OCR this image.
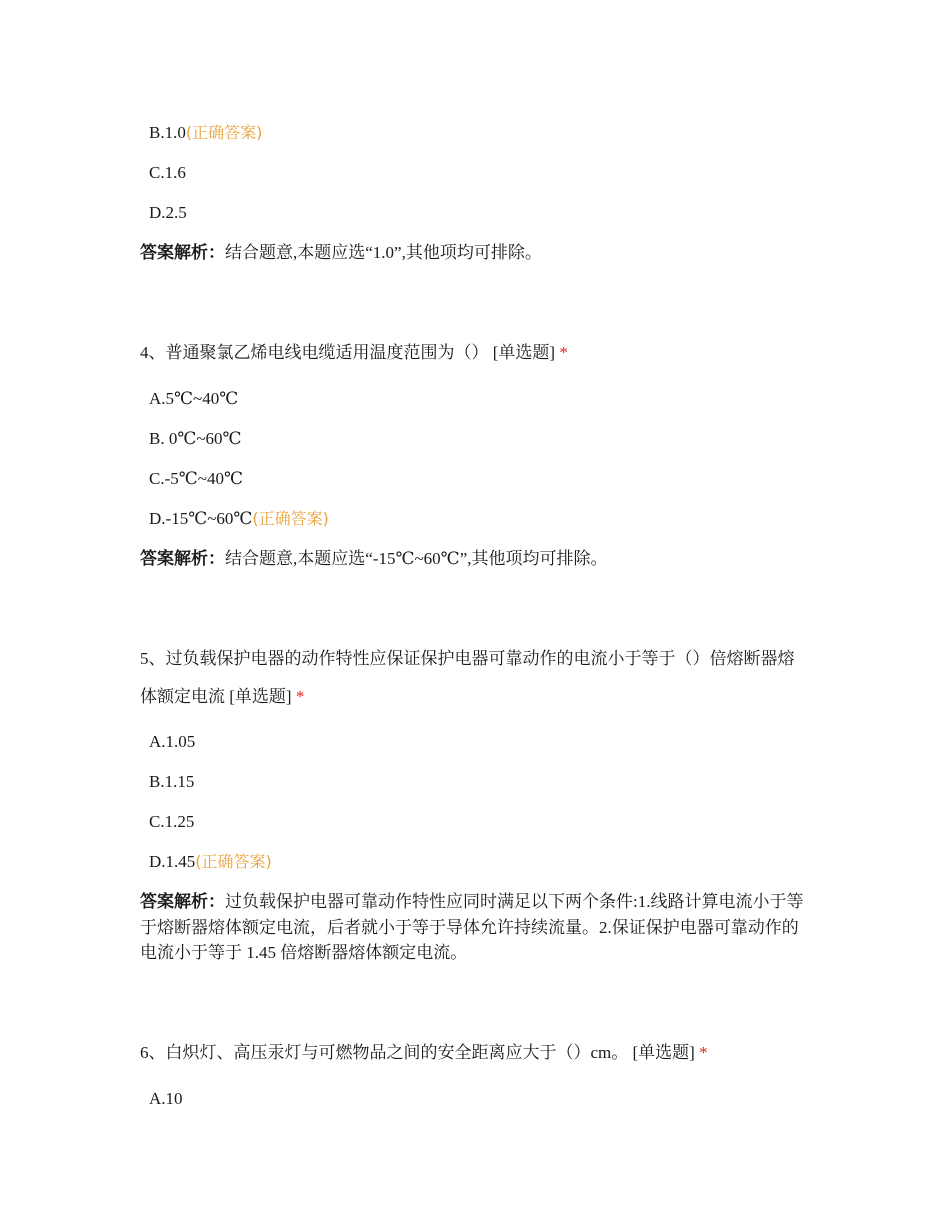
B.1.0(正确答案)
C.1.6
D.2.5
答案解析：结合题意,本题应选“1.0”,其他项均可排除。
4、普通聚氯乙烯电线电缆适用温度范围为（） [单选题] *
A.5℃~40℃
B. 0℃~60℃
C.-5℃~40℃
D.-15℃~60℃(正确答案)
答案解析：结合题意,本题应选“-15℃~60℃”,其他项均可排除。
5、过负载保护电器的动作特性应保证保护电器可靠动作的电流小于等于（）倍熔断器熔体额定电流 [单选题] *
A.1.05
B.1.15
C.1.25
D.1.45(正确答案)
答案解析：过负载保护电器可靠动作特性应同时满足以下两个条件:1.线路计算电流小于等于熔断器熔体额定电流，后者就小于等于导体允许持续流量。2.保证保护电器可靠动作的电流小于等于 1.45 倍熔断器熔体额定电流。
6、白炽灯、高压汞灯与可燃物品之间的安全距离应大于（）cm。 [单选题] *
A.10
